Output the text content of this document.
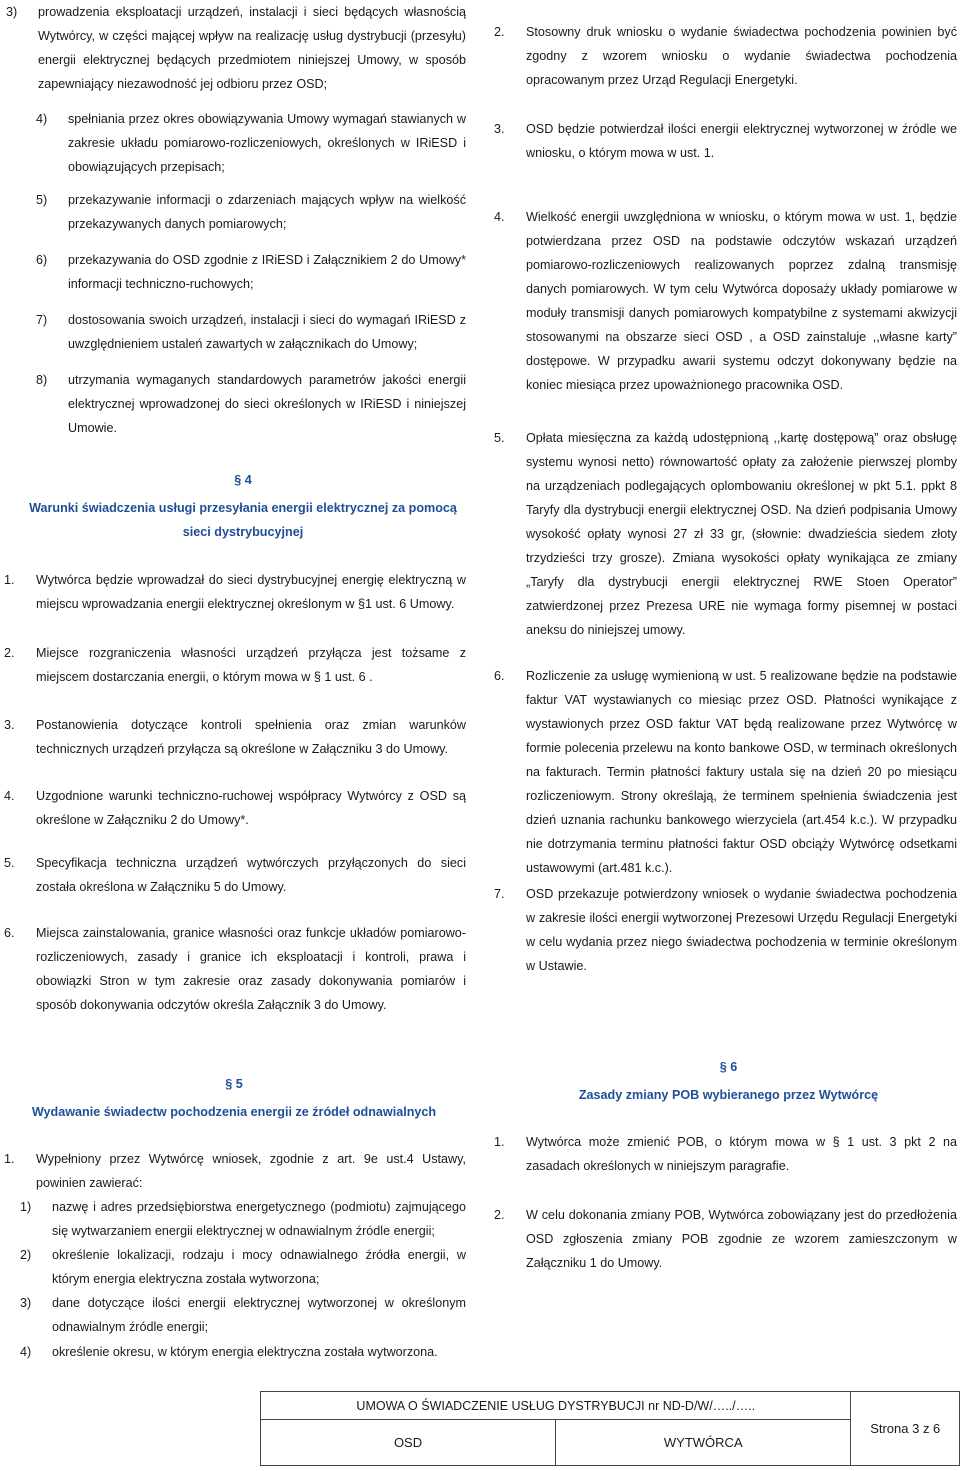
3) prowadzenia eksploatacji urządzeń, instalacji i sieci będących własnością Wytwórcy, w części mającej wpływ na realizację usług dystrybucji (przesyłu) energii elektrycznej będących przedmiotem niniejszej Umowy, w sposób zapewniający niezawodność jej odbioru przez OSD;
4) spełniania przez okres obowiązywania Umowy wymagań stawianych w zakresie układu pomiarowo-rozliczeniowych, określonych w IRiESD i obowiązujących przepisach;
5) przekazywanie informacji o zdarzeniach mających wpływ na wielkość przekazywanych danych pomiarowych;
6) przekazywania do OSD zgodnie z IRiESD i Załącznikiem 2 do Umowy* informacji techniczno-ruchowych;
7) dostosowania swoich urządzeń, instalacji i sieci do wymagań IRiESD z uwzględnieniem ustaleń zawartych w załącznikach do Umowy;
8) utrzymania wymaganych standardowych parametrów jakości energii elektrycznej wprowadzonej do sieci określonych w IRiESD i niniejszej Umowie.
§ 4
Warunki świadczenia usługi przesyłania energii elektrycznej za pomocą sieci dystrybucyjnej
1. Wytwórca będzie wprowadzał do sieci dystrybucyjnej energię elektryczną w miejscu wprowadzania energii elektrycznej określonym w §1 ust. 6 Umowy.
2. Miejsce rozgraniczenia własności urządzeń przyłącza jest tożsame z miejscem dostarczania energii, o którym mowa w § 1 ust. 6 .
3. Postanowienia dotyczące kontroli spełnienia oraz zmian warunków technicznych urządzeń przyłącza są określone w Załączniku 3 do Umowy.
4. Uzgodnione warunki techniczno-ruchowej współpracy Wytwórcy z OSD są określone w Załączniku 2 do Umowy*.
5. Specyfikacja techniczna urządzeń wytwórczych przyłączonych do sieci została określona w Załączniku 5 do Umowy.
6. Miejsca zainstalowania, granice własności oraz funkcje układów pomiarowo-rozliczeniowych, zasady i granice ich eksploatacji i kontroli, prawa i obowiązki Stron w tym zakresie oraz zasady dokonywania pomiarów i sposób dokonywania odczytów określa Załącznik 3 do Umowy.
§ 5
Wydawanie świadectw pochodzenia energii ze źródeł odnawialnych
1. Wypełniony przez Wytwórcę wniosek, zgodnie z art. 9e ust.4 Ustawy, powinien zawierać:
1) nazwę i adres przedsiębiorstwa energetycznego (podmiotu) zajmującego się wytwarzaniem energii elektrycznej w odnawialnym źródle energii;
2) określenie lokalizacji, rodzaju i mocy odnawialnego źródła energii, w którym energia elektryczna została wytworzona;
3) dane dotyczące ilości energii elektrycznej wytworzonej w określonym odnawialnym źródle energii;
4) określenie okresu, w którym energia elektryczna została wytworzona.
2. Stosowny druk wniosku o wydanie świadectwa pochodzenia powinien być zgodny z wzorem wniosku o wydanie świadectwa pochodzenia opracowanym przez Urząd Regulacji Energetyki.
3. OSD będzie potwierdzał ilości energii elektrycznej wytworzonej w źródle we wniosku, o którym mowa w ust. 1.
4. Wielkość energii uwzględniona w wniosku, o którym mowa w ust. 1, będzie potwierdzana przez OSD na podstawie odczytów wskazań urządzeń pomiarowo-rozliczeniowych realizowanych poprzez zdalną transmisję danych pomiarowych. W tym celu Wytwórca doposaży układy pomiarowe w moduły transmisji danych pomiarowych kompatybilne z systemami akwizycji stosowanymi na obszarze sieci OSD , a OSD zainstaluje ,,własne karty” dostępowe. W przypadku awarii systemu odczyt dokonywany będzie na koniec miesiąca przez upoważnionego pracownika OSD.
5. Opłata miesięczna za każdą udostępnioną ,,kartę dostępową” oraz obsługę systemu wynosi netto) równowartość opłaty za założenie pierwszej plomby na urządzeniach podlegających oplombowaniu określonej w pkt 5.1. ppkt 8 Taryfy dla dystrybucji energii elektrycznej OSD. Na dzień podpisania Umowy wysokość opłaty wynosi 27 zł 33 gr, (słownie: dwadzieścia siedem złoty trzydzieści trzy grosze). Zmiana wysokości opłaty wynikająca ze zmiany „Taryfy dla dystrybucji energii elektrycznej RWE Stoen Operator” zatwierdzonej przez Prezesa URE nie wymaga formy pisemnej w postaci aneksu do niniejszej umowy.
6. Rozliczenie za usługę wymienioną w ust. 5 realizowane będzie na podstawie faktur VAT wystawianych co miesiąc przez OSD. Płatności wynikające z wystawionych przez OSD faktur VAT będą realizowane przez Wytwórcę w formie polecenia przelewu na konto bankowe OSD, w terminach określonych na fakturach. Termin płatności faktury ustala się na dzień 20 po miesiącu rozliczeniowym. Strony określają, że terminem spełnienia świadczenia jest dzień uznania rachunku bankowego wierzyciela (art.454 k.c.). W przypadku nie dotrzymania terminu płatności faktur OSD obciąży Wytwórcę odsetkami ustawowymi (art.481 k.c.).
7. OSD przekazuje potwierdzony wniosek o wydanie świadectwa pochodzenia w zakresie ilości energii wytworzonej Prezesowi Urzędu Regulacji Energetyki w celu wydania przez niego świadectwa pochodzenia w terminie określonym w Ustawie.
§ 6
Zasady zmiany POB wybieranego przez Wytwórcę
1. Wytwórca może zmienić POB, o którym mowa w § 1 ust. 3 pkt 2 na zasadach określonych w niniejszym paragrafie.
2. W celu dokonania zmiany POB, Wytwórca zobowiązany jest do przedłożenia OSD zgłoszenia zmiany POB zgodnie ze wzorem zamieszczonym w Załączniku 1 do Umowy.
UMOWA O ŚWIADCZENIE USŁUG DYSTRYBUCJI nr ND-D/W/…../…..		Strona 3 z 6
OSD	WYTWÓRCA	
